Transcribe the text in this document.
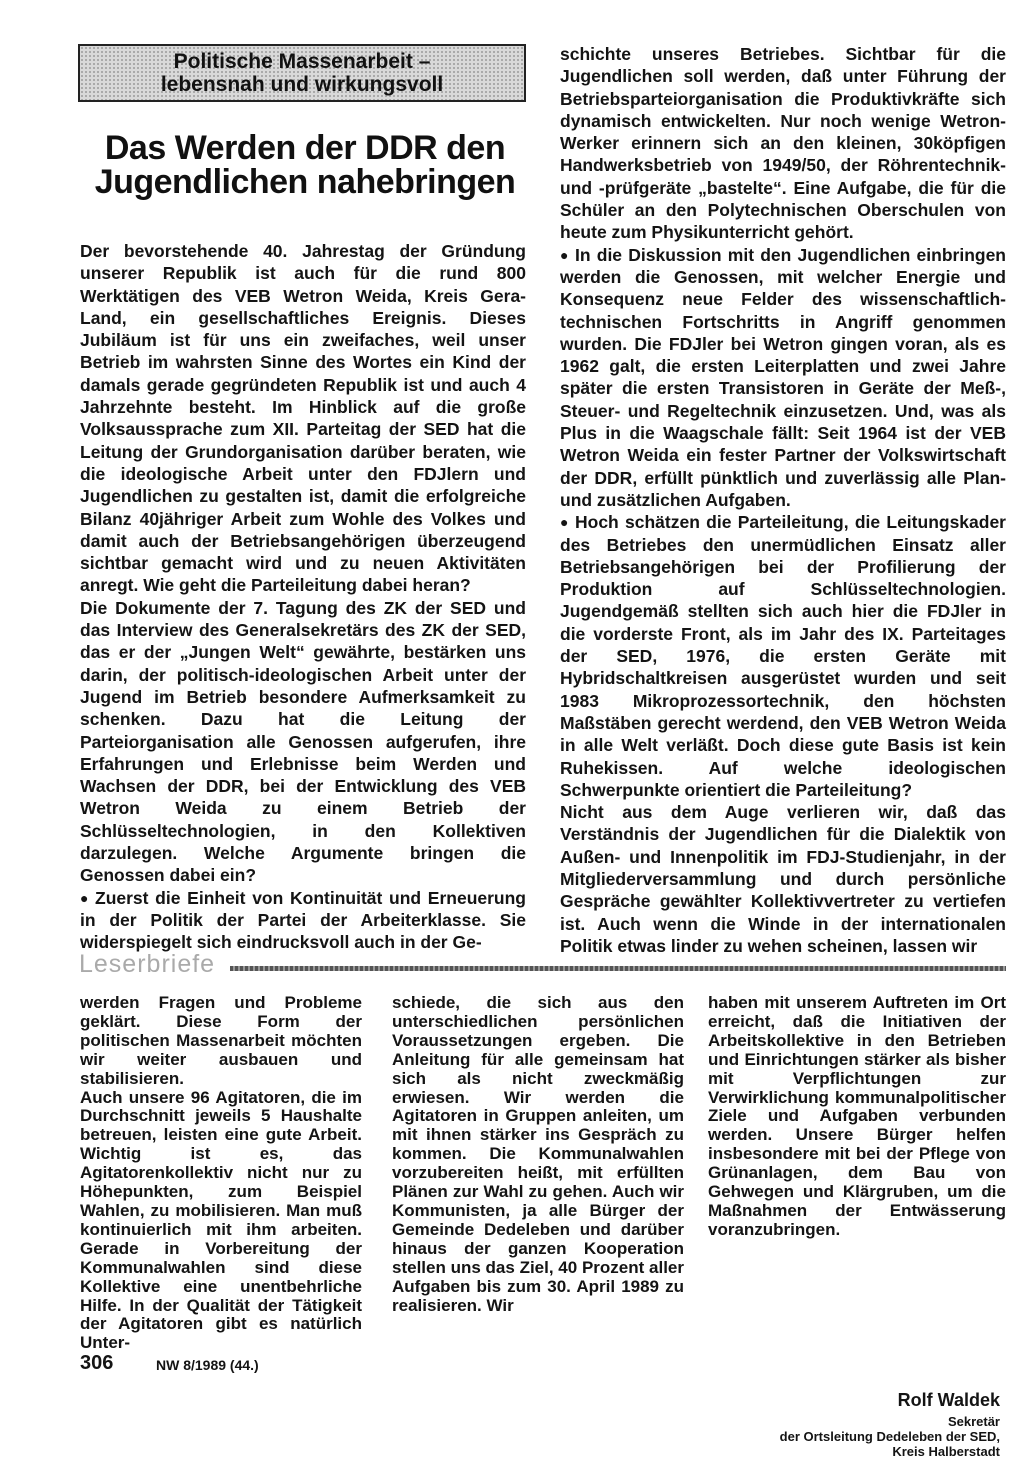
Politische Massenarbeit –
lebensnah und wirkungsvoll
Das Werden der DDR den
Jugendlichen nahebringen

Der bevorstehende 40. Jahrestag der Gründung unserer Republik ist auch für die rund 800 Werktätigen des VEB Wetron Weida, Kreis Gera-Land, ein gesellschaftliches Ereignis. Dieses Jubiläum ist für uns ein zweifaches, weil unser Betrieb im wahrsten Sinne des Wortes ein Kind der damals gerade gegründeten Republik ist und auch 4 Jahrzehnte besteht. Im Hinblick auf die große Volksaussprache zum XII. Parteitag der SED hat die Leitung der Grundorganisation darüber beraten, wie die ideologische Arbeit unter den FDJlern und Jugendlichen zu gestalten ist, damit die erfolgreiche Bilanz 40jähriger Arbeit zum Wohle des Volkes und damit auch der Betriebsangehörigen überzeugend sichtbar gemacht wird und zu neuen Aktivitäten anregt. Wie geht die Parteileitung dabei heran?

Die Dokumente der 7. Tagung des ZK der SED und das Interview des Generalsekretärs des ZK der SED, das er der „Jungen Welt“ gewährte, bestärken uns darin, der politisch-ideologischen Arbeit unter der Jugend im Betrieb besondere Aufmerksamkeit zu schenken. Dazu hat die Leitung der Parteiorganisation alle Genossen aufgerufen, ihre Erfahrungen und Erlebnisse beim Werden und Wachsen der DDR, bei der Entwicklung des VEB Wetron Weida zu einem Betrieb der Schlüsseltechnologien, in den Kollektiven darzulegen. Welche Argumente bringen die Genossen dabei ein?

● Zuerst die Einheit von Kontinuität und Erneuerung in der Politik der Partei der Arbeiterklasse. Sie widerspiegelt sich eindrucksvoll auch in der Ge-

schichte unseres Betriebes. Sichtbar für die Jugendlichen soll werden, daß unter Führung der Betriebsparteiorganisation die Produktivkräfte sich dynamisch entwickelten. Nur noch wenige Wetron-Werker erinnern sich an den kleinen, 30köpfigen Handwerksbetrieb von 1949/50, der Röhrentechnik- und -prüfgeräte „bastelte“. Eine Aufgabe, die für die Schüler an den Polytechnischen Oberschulen von heute zum Physikunterricht gehört.

● In die Diskussion mit den Jugendlichen einbringen werden die Genossen, mit welcher Energie und Konsequenz neue Felder des wissenschaftlich-technischen Fortschritts in Angriff genommen wurden. Die FDJler bei Wetron gingen voran, als es 1962 galt, die ersten Leiterplatten und zwei Jahre später die ersten Transistoren in Geräte der Meß-, Steuer- und Regeltechnik einzusetzen. Und, was als Plus in die Waagschale fällt: Seit 1964 ist der VEB Wetron Weida ein fester Partner der Volkswirtschaft der DDR, erfüllt pünktlich und zuverlässig alle Plan- und zusätzlichen Aufgaben.

● Hoch schätzen die Parteileitung, die Leitungskader des Betriebes den unermüdlichen Einsatz aller Betriebsangehörigen bei der Profilierung der Produktion auf Schlüsseltechnologien. Jugendgemäß stellten sich auch hier die FDJler in die vorderste Front, als im Jahr des IX. Parteitages der SED, 1976, die ersten Geräte mit Hybridschaltkreisen ausgerüstet wurden und seit 1983 Mikroprozessortechnik, den höchsten Maßstäben gerecht werdend, den VEB Wetron Weida in alle Welt verläßt. Doch diese gute Basis ist kein Ruhekissen. Auf welche ideologischen Schwerpunkte orientiert die Parteileitung?

Nicht aus dem Auge verlieren wir, daß das Verständnis der Jugendlichen für die Dialektik von Außen- und Innenpolitik im FDJ-Studienjahr, in der Mitgliederversammlung und durch persönliche Gespräche gewählter Kollektivvertreter zu vertiefen ist. Auch wenn die Winde in der internationalen Politik etwas linder zu wehen scheinen, lassen wir

Leserbriefe

werden Fragen und Probleme geklärt. Diese Form der politischen Massenarbeit möchten wir weiter ausbauen und stabilisieren.

Auch unsere 96 Agitatoren, die im Durchschnitt jeweils 5 Haushalte betreuen, leisten eine gute Arbeit. Wichtig ist es, das Agitatorenkollektiv nicht nur zu Höhepunkten, zum Beispiel Wahlen, zu mobilisieren. Man muß kontinuierlich mit ihm arbeiten. Gerade in Vorbereitung der Kommunalwahlen sind diese Kollektive eine unentbehrliche Hilfe. In der Qualität der Tätigkeit der Agitatoren gibt es natürlich Unter-

schiede, die sich aus den unterschiedlichen persönlichen Voraussetzungen ergeben. Die Anleitung für alle gemeinsam hat sich als nicht zweckmäßig erwiesen. Wir werden die Agitatoren in Gruppen anleiten, um mit ihnen stärker ins Gespräch zu kommen. Die Kommunalwahlen vorzubereiten heißt, mit erfüllten Plänen zur Wahl zu gehen. Auch wir Kommunisten, ja alle Bürger der Gemeinde Dedeleben und darüber hinaus der ganzen Kooperation stellen uns das Ziel, 40 Prozent aller Aufgaben bis zum 30. April 1989 zu realisieren. Wir

haben mit unserem Auftreten im Ort erreicht, daß die Initiativen der Arbeitskollektive in den Betrieben und Einrichtungen stärker als bisher mit Verpflichtungen zur Verwirklichung kommunalpolitischer Ziele und Aufgaben verbunden werden. Unsere Bürger helfen insbesondere mit bei der Pflege von Grünanlagen, dem Bau von Gehwegen und Klärgruben, um die Maßnahmen der Entwässerung voranzubringen.

Rolf Waldek
Sekretär
der Ortsleitung Dedeleben der SED,
306	NW 8/1989 (44.)
Kreis Halberstadt
